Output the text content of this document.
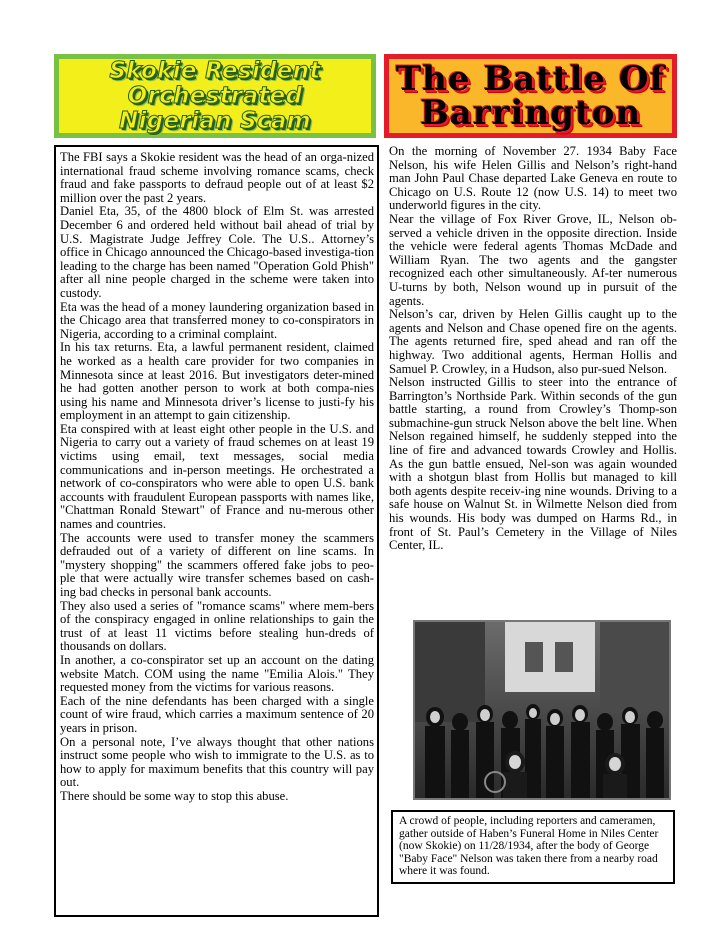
Skokie Resident
Orchestrated
Nigerian Scam
The Battle Of
Barrington

The FBI says a Skokie resident was the head of an orga-nized international fraud scheme involving romance scams, check fraud and fake passports to defraud people out of at least $2 million over the past 2 years.

Daniel Eta, 35, of the 4800 block of Elm St. was arrested December 6 and ordered held without bail ahead of trial by U.S. Magistrate Judge Jeffrey Cole. The U.S.. Attorney’s office in Chicago announced the Chicago-based investiga-tion leading to the charge has been named "Operation Gold Phish" after all nine people charged in the scheme were taken into custody.

Eta was the head of a money laundering organization based in the Chicago area that transferred money to co-conspirators in Nigeria, according to a criminal complaint.

In his tax returns. Eta, a lawful permanent resident, claimed he worked as a health care provider for two companies in Minnesota since at least 2016. But investigators deter-mined he had gotten another person to work at both compa-nies using his name and Minnesota driver’s license to justi-fy his employment in an attempt to gain citizenship.

Eta conspired with at least eight other people in the U.S. and Nigeria to carry out a variety of fraud schemes on at least 19 victims using email, text messages, social media communications and in-person meetings. He orchestrated a network of co-conspirators who were able to open U.S. bank accounts with fraudulent European passports with names like, "Chattman Ronald Stewart" of France and nu-merous other names and countries.

The accounts were used to transfer money the scammers defrauded out of a variety of different on line scams. In "mystery shopping" the scammers offered fake jobs to peo-ple that were actually wire transfer schemes based on cash-ing bad checks in personal bank accounts.

They also used a series of "romance scams" where mem-bers of the conspiracy engaged in online relationships to gain the trust of at least 11 victims before stealing hun-dreds of thousands on dollars.

In another, a co-conspirator set up an account on the dating website Match. COM using the name "Emilia Alois." They requested money from the victims for various reasons.

Each of the nine defendants has been charged with a single count of wire fraud, which carries a maximum sentence of 20 years in prison.

On a personal note, I’ve always thought that other nations instruct some people who wish to immigrate to the U.S. as to how to apply for maximum benefits that this country will pay out.

There should be some way to stop this abuse.

On the morning of November 27. 1934 Baby Face Nelson, his wife Helen Gillis and Nelson’s right-hand man John Paul Chase departed Lake Geneva en route to Chicago on U.S. Route 12 (now U.S. 14) to meet two underworld figures in the city.

Near the village of Fox River Grove, IL, Nelson ob-served a vehicle driven in the opposite direction. Inside the vehicle were federal agents Thomas McDade and William Ryan. The two agents and the gangster recognized each other simultaneously. Af-ter numerous U-turns by both, Nelson wound up in pursuit of the agents.

Nelson’s car, driven by Helen Gillis caught up to the agents and Nelson and Chase opened fire on the agents. The agents returned fire, sped ahead and ran off the highway. Two additional agents, Herman Hollis and Samuel P. Crowley, in a Hudson, also pur-sued Nelson.

Nelson instructed Gillis to steer into the entrance of Barrington’s Northside Park. Within seconds of the gun battle starting, a round from Crowley’s Thomp-son submachine-gun struck Nelson above the belt line. When Nelson regained himself, he suddenly stepped into the line of fire and advanced towards Crowley and Hollis. As the gun battle ensued, Nel-son was again wounded with a shotgun blast from Hollis but managed to kill both agents despite receiv-ing nine wounds. Driving to a safe house on Walnut St. in Wilmette Nelson died from his wounds. His body was dumped on Harms Rd., in front of St. Paul’s Cemetery in the Village of Niles Center, IL.

A crowd of people, including reporters and cameramen, gather outside of Haben’s Funeral Home in Niles Center (now Skokie) on 11/28/1934, after the body of George "Baby Face" Nelson was taken there from a nearby road where it was found.
